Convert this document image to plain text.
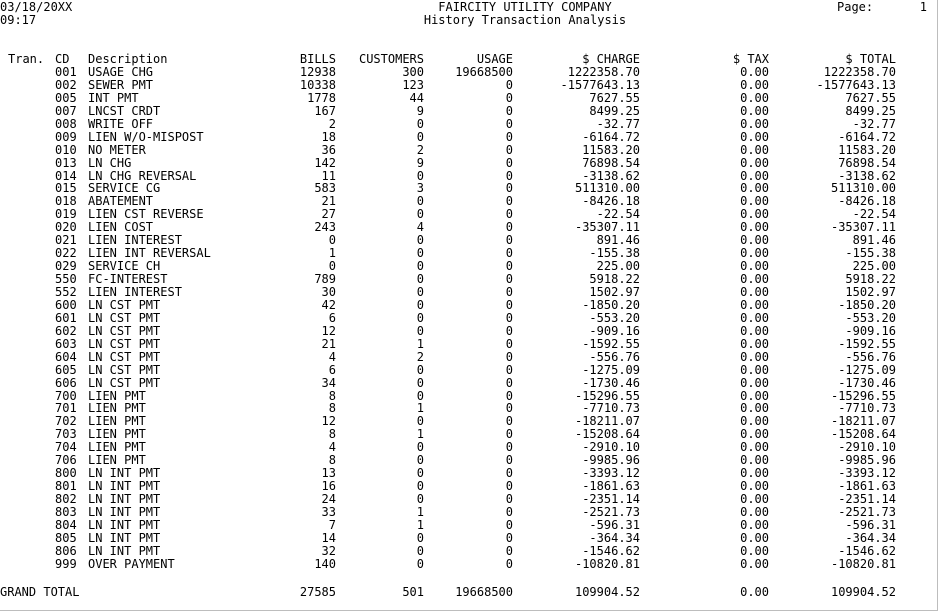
03/18/20XX
09:17
FAIRCITY UTILITY COMPANY
History Transaction Analysis
Page:	1
Tran. CD Description	BILLS	CUSTOMERS	USAGE	$ CHARGE	$ TAX	$ TOTAL
001 USAGE CHG	12938	300	19668500	1222358.70	0.00	1222358.70
002 SEWER PMT	10338	123	0	-1577643.13	0.00	-1577643.13
005 INT PMT	1778	44	0	7627.55	0.00	7627.55
007 LNCST CRDT	167	9	0	8499.25	0.00	8499.25
008 WRITE OFF	2	0	0	-32.77	0.00	-32.77
009 LIEN W/O-MISPOST	18	0	0	-6164.72	0.00	-6164.72
010 NO METER	36	2	0	11583.20	0.00	11583.20
013 LN CHG	142	9	0	76898.54	0.00	76898.54
014 LN CHG REVERSAL	11	0	0	-3138.62	0.00	-3138.62
015 SERVICE CG	583	3	0	511310.00	0.00	511310.00
018 ABATEMENT	21	0	0	-8426.18	0.00	-8426.18
019 LIEN CST REVERSE	27	0	0	-22.54	0.00	-22.54
020 LIEN COST	243	4	0	-35307.11	0.00	-35307.11
021 LIEN INTEREST	0	0	0	891.46	0.00	891.46
022 LIEN INT REVERSAL	1	0	0	-155.38	0.00	-155.38
029 SERVICE CH	0	0	0	225.00	0.00	225.00
550 FC-INTEREST	789	0	0	5918.22	0.00	5918.22
552 LIEN INTEREST	30	0	0	1502.97	0.00	1502.97
600 LN CST PMT	42	0	0	-1850.20	0.00	-1850.20
601 LN CST PMT	6	0	0	-553.20	0.00	-553.20
602 LN CST PMT	12	0	0	-909.16	0.00	-909.16
603 LN CST PMT	21	1	0	-1592.55	0.00	-1592.55
604 LN CST PMT	4	2	0	-556.76	0.00	-556.76
605 LN CST PMT	6	0	0	-1275.09	0.00	-1275.09
606 LN CST PMT	34	0	0	-1730.46	0.00	-1730.46
700 LIEN PMT	8	0	0	-15296.55	0.00	-15296.55
701 LIEN PMT	8	1	0	-7710.73	0.00	-7710.73
702 LIEN PMT	12	0	0	-18211.07	0.00	-18211.07
703 LIEN PMT	8	1	0	-15208.64	0.00	-15208.64
704 LIEN PMT	4	0	0	-2910.10	0.00	-2910.10
706 LIEN PMT	8	0	0	-9985.96	0.00	-9985.96
800 LN INT PMT	13	0	0	-3393.12	0.00	-3393.12
801 LN INT PMT	16	0	0	-1861.63	0.00	-1861.63
802 LN INT PMT	24	0	0	-2351.14	0.00	-2351.14
803 LN INT PMT	33	1	0	-2521.73	0.00	-2521.73
804 LN INT PMT	7	1	0	-596.31	0.00	-596.31
805 LN INT PMT	14	0	0	-364.34	0.00	-364.34
806 LN INT PMT	32	0	0	-1546.62	0.00	-1546.62
999 OVER PAYMENT	140	0	0	-10820.81	0.00	-10820.81
GRAND TOTAL	27585	501	19668500	109904.52	0.00	109904.52
